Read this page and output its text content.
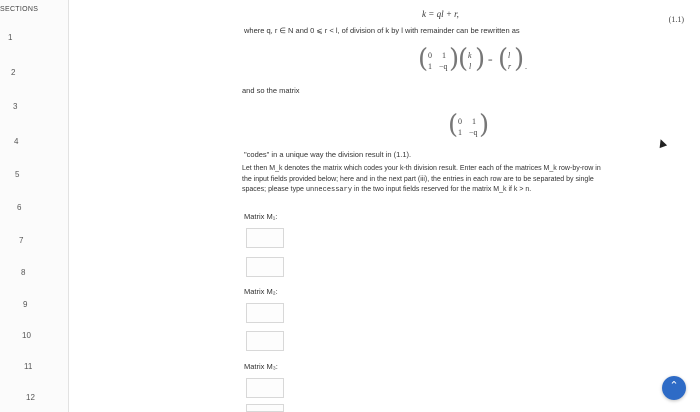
SECTIONS
1
2
3
4
5
6
7
8
9
10
11
12
k = ql + r,
(1.1)
where q, r ∈ N and 0 ⩽ r < l, of division of k by l with remainder can be rewritten as
( 0 1
1 −q )
( k
l ) = ( l
r ) .
and so the matrix
( 0 1
1 −q )
"codes" in a unique way the division result in (1.1).
Let then M_k denotes the matrix which codes your k-th division result. Enter each of the matrices M_k row-by-row in
the input fields provided below; here and in the next part (iii), the entries in each row are to be separated by single
spaces; please type unnecessary in the two input fields reserved for the matrix M_k if k > n.
Matrix M₁:
Matrix M₂:
Matrix M₃:
⌃
